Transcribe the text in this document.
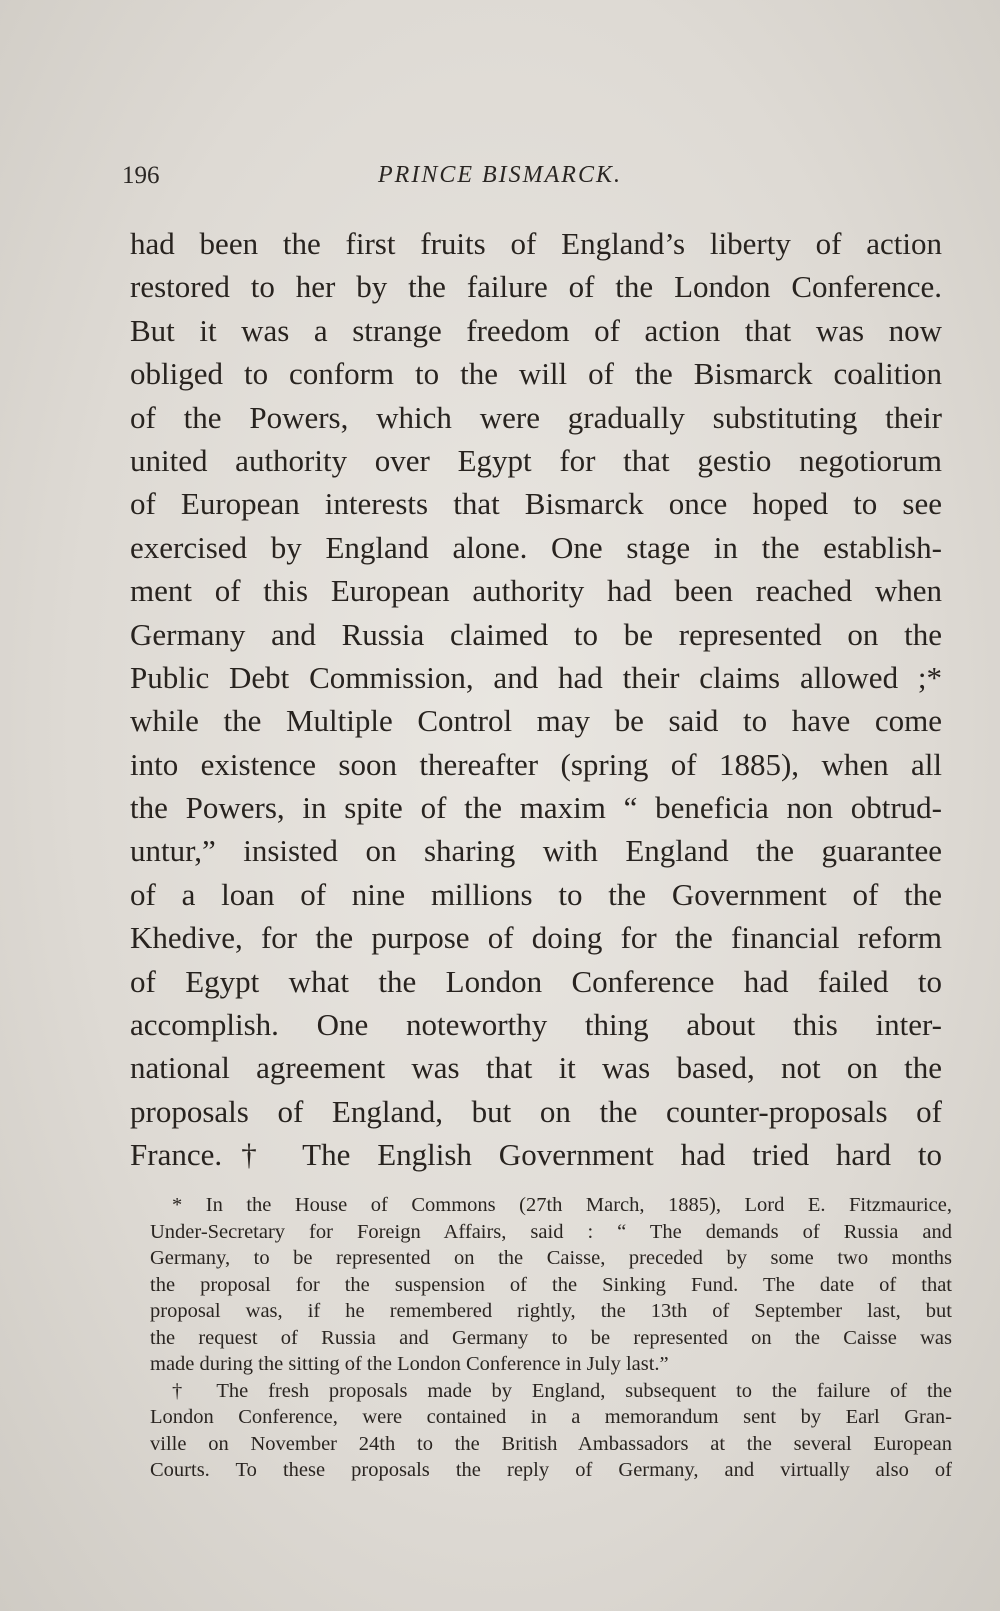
196	PRINCE BISMARCK.
had been the first fruits of England’s liberty of action
restored to her by the failure of the London Conference.
But it was a strange freedom of action that was now
obliged to conform to the will of the Bismarck coalition
of the Powers, which were gradually substituting their
united authority over Egypt for that gestio negotiorum
of European interests that Bismarck once hoped to see
exercised by England alone. One stage in the establish-
ment of this European authority had been reached when
Germany and Russia claimed to be represented on the
Public Debt Commission, and had their claims allowed ;*
while the Multiple Control may be said to have come
into existence soon thereafter (spring of 1885), when all
the Powers, in spite of the maxim “ beneficia non obtrud-
untur,” insisted on sharing with England the guarantee
of a loan of nine millions to the Government of the
Khedive, for the purpose of doing for the financial reform
of Egypt what the London Conference had failed to
accomplish. One noteworthy thing about this inter-
national agreement was that it was based, not on the
proposals of England, but on the counter-proposals of
France.† The English Government had tried hard to
* In the House of Commons (27th March, 1885), Lord E. Fitzmaurice,
Under-Secretary for Foreign Affairs, said : “ The demands of Russia and
Germany, to be represented on the Caisse, preceded by some two months
the proposal for the suspension of the Sinking Fund. The date of that
proposal was, if he remembered rightly, the 13th of September last, but
the request of Russia and Germany to be represented on the Caisse was
made during the sitting of the London Conference in July last.”
† The fresh proposals made by England, subsequent to the failure of the
London Conference, were contained in a memorandum sent by Earl Gran-
ville on November 24th to the British Ambassadors at the several European
Courts. To these proposals the reply of Germany, and virtually also of
